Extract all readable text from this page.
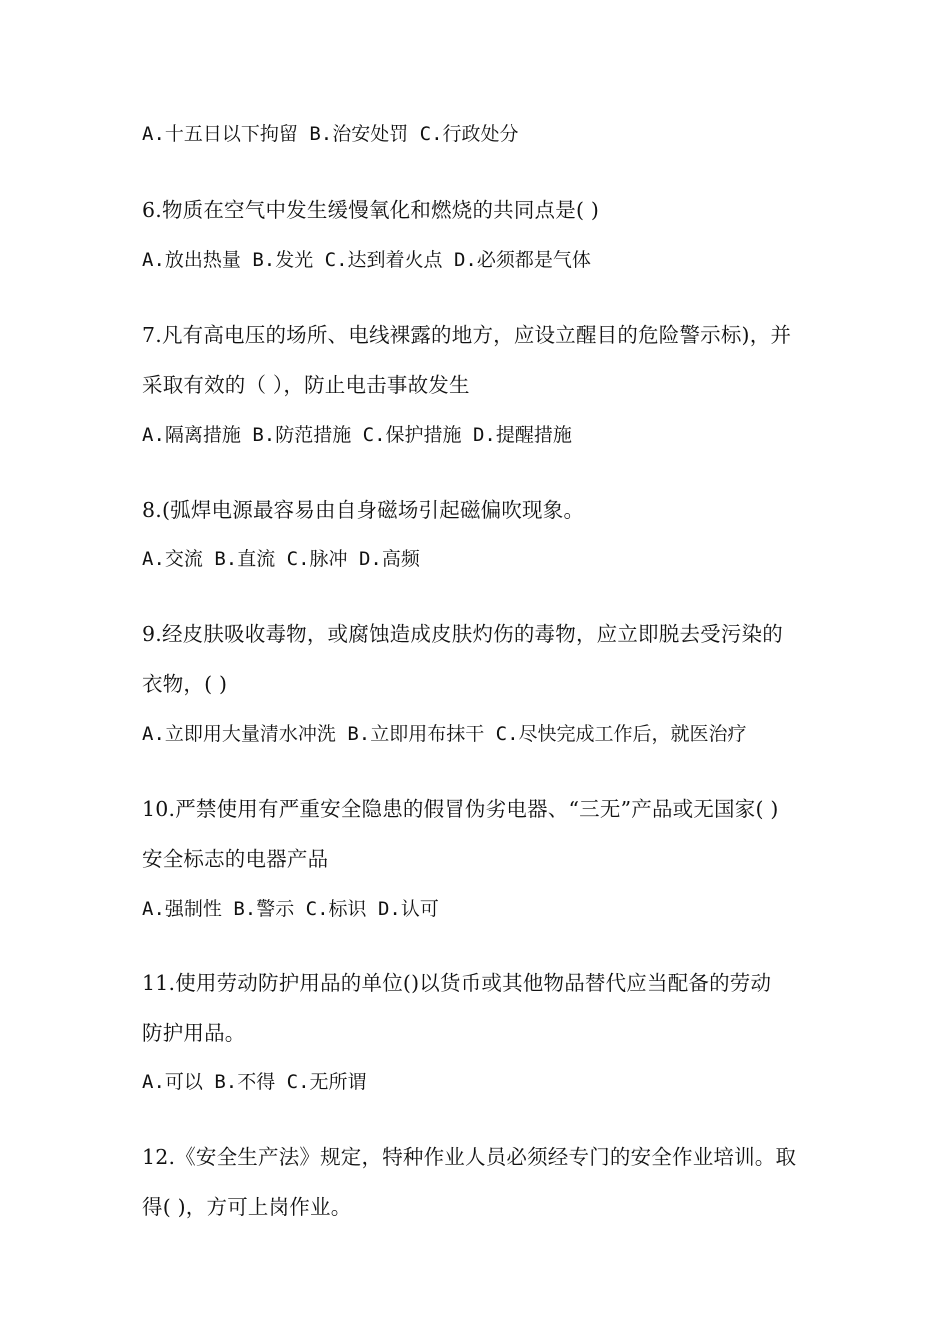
A.十五日以下拘留 B.治安处罚 C.行政处分
6.物质在空气中发生缓慢氧化和燃烧的共同点是( )
A.放出热量 B.发光 C.达到着火点 D.必须都是气体
7.凡有高电压的场所、电线裸露的地方，应设立醒目的危险警示标)，并
采取有效的（ ），防止电击事故发生
A.隔离措施 B.防范措施 C.保护措施 D.提醒措施
8.(弧焊电源最容易由自身磁场引起磁偏吹现象。
A.交流 B.直流 C.脉冲 D.高频
9.经皮肤吸收毒物，或腐蚀造成皮肤灼伤的毒物，应立即脱去受污染的
衣物，( )
A.立即用大量清水冲洗 B.立即用布抹干 C.尽快完成工作后，就医治疗
10.严禁使用有严重安全隐患的假冒伪劣电器、“三无”产品或无国家( )
安全标志的电器产品
A.强制性 B.警示 C.标识 D.认可
11.使用劳动防护用品的单位()以货币或其他物品替代应当配备的劳动
防护用品。
A.可以 B.不得 C.无所谓
12.《安全生产法》规定，特种作业人员必须经专门的安全作业培训。取
得( )，方可上岗作业。
